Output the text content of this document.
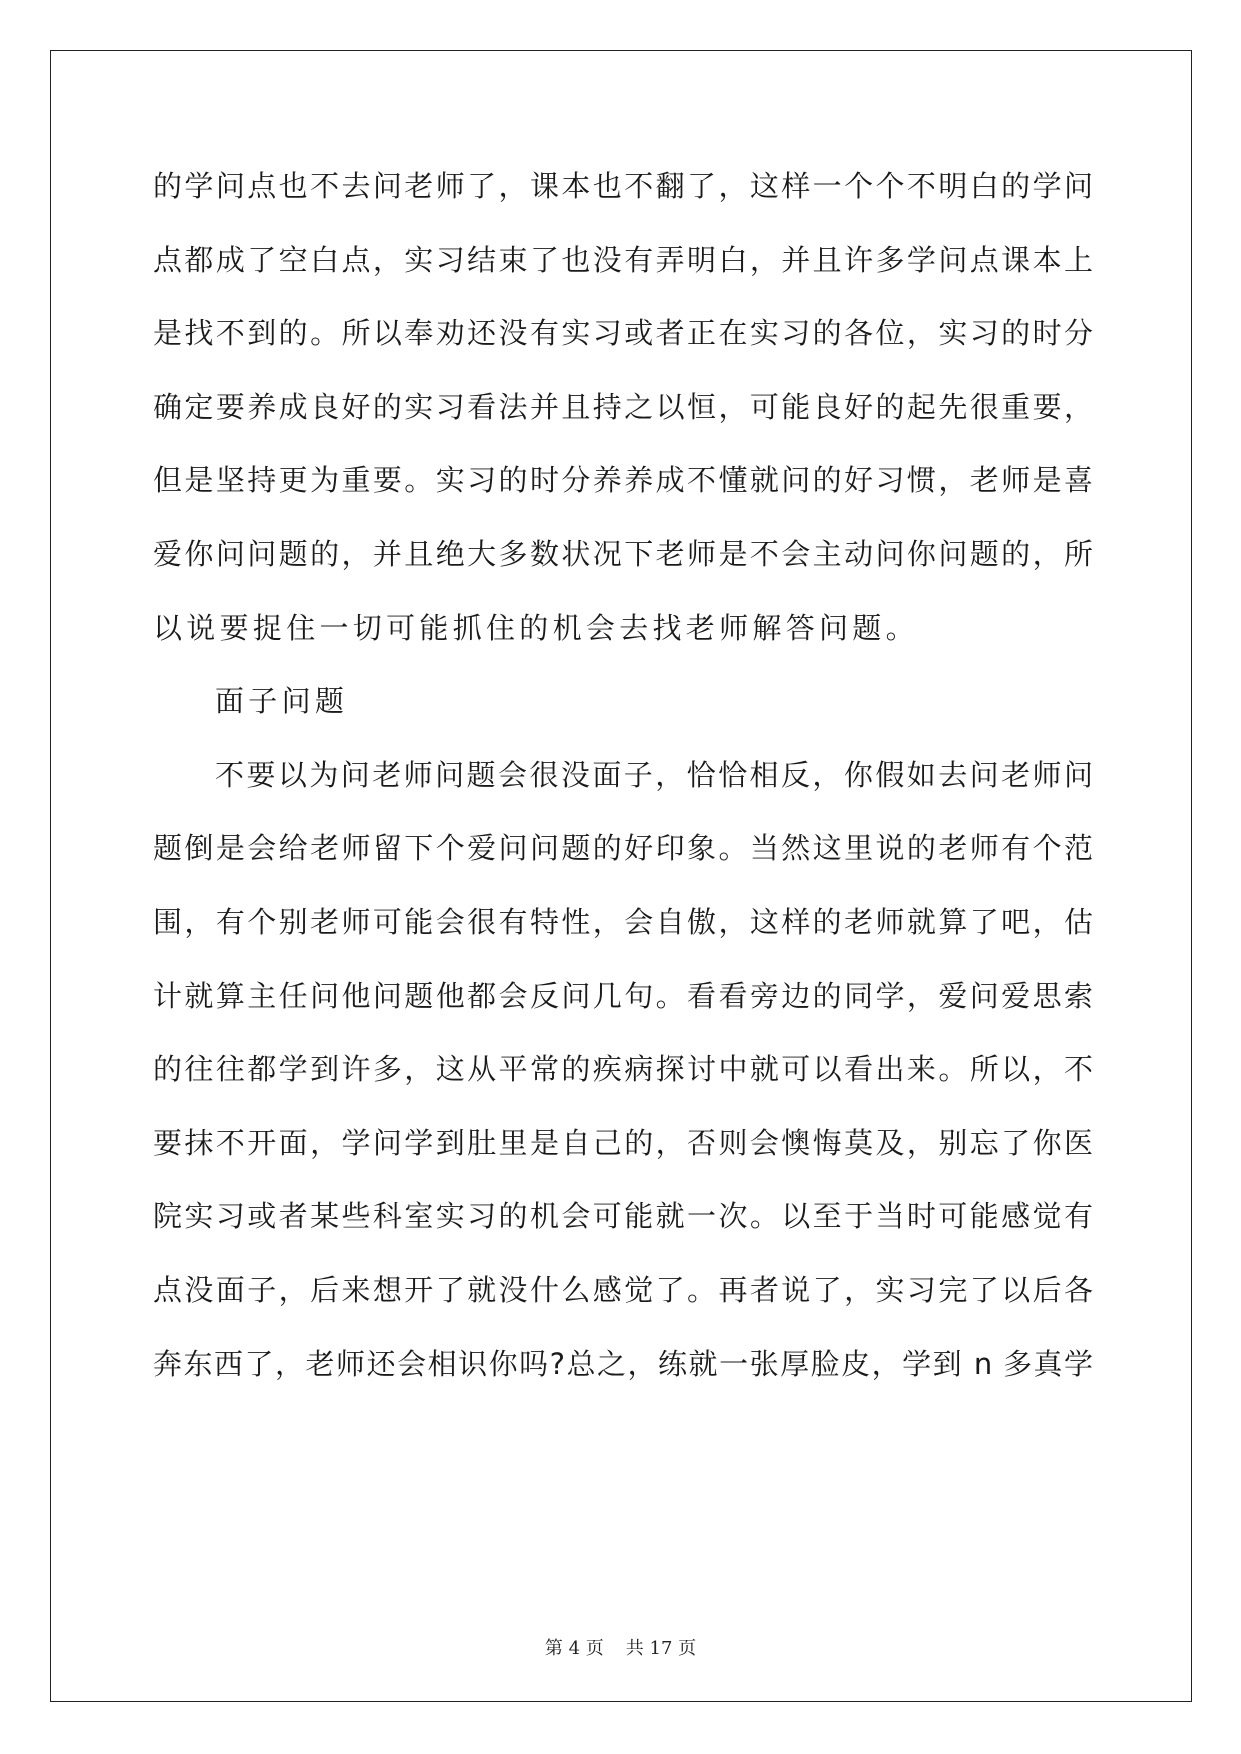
的学问点也不去问老师了，课本也不翻了，这样一个个不明白的学问
点都成了空白点，实习结束了也没有弄明白，并且许多学问点课本上
是找不到的。所以奉劝还没有实习或者正在实习的各位，实习的时分
确定要养成良好的实习看法并且持之以恒，可能良好的起先很重要，
但是坚持更为重要。实习的时分养养成不懂就问的好习惯，老师是喜
爱你问问题的，并且绝大多数状况下老师是不会主动问你问题的，所
以说要捉住一切可能抓住的机会去找老师解答问题。
面子问题
不要以为问老师问题会很没面子，恰恰相反，你假如去问老师问
题倒是会给老师留下个爱问问题的好印象。当然这里说的老师有个范
围，有个别老师可能会很有特性，会自傲，这样的老师就算了吧，估
计就算主任问他问题他都会反问几句。看看旁边的同学，爱问爱思索
的往往都学到许多，这从平常的疾病探讨中就可以看出来。所以，不
要抹不开面，学问学到肚里是自己的，否则会懊悔莫及，别忘了你医
院实习或者某些科室实习的机会可能就一次。以至于当时可能感觉有
点没面子，后来想开了就没什么感觉了。再者说了，实习完了以后各
奔东西了，老师还会相识你吗?总之，练就一张厚脸皮，学到 n 多真学
第 4 页 共 17 页
